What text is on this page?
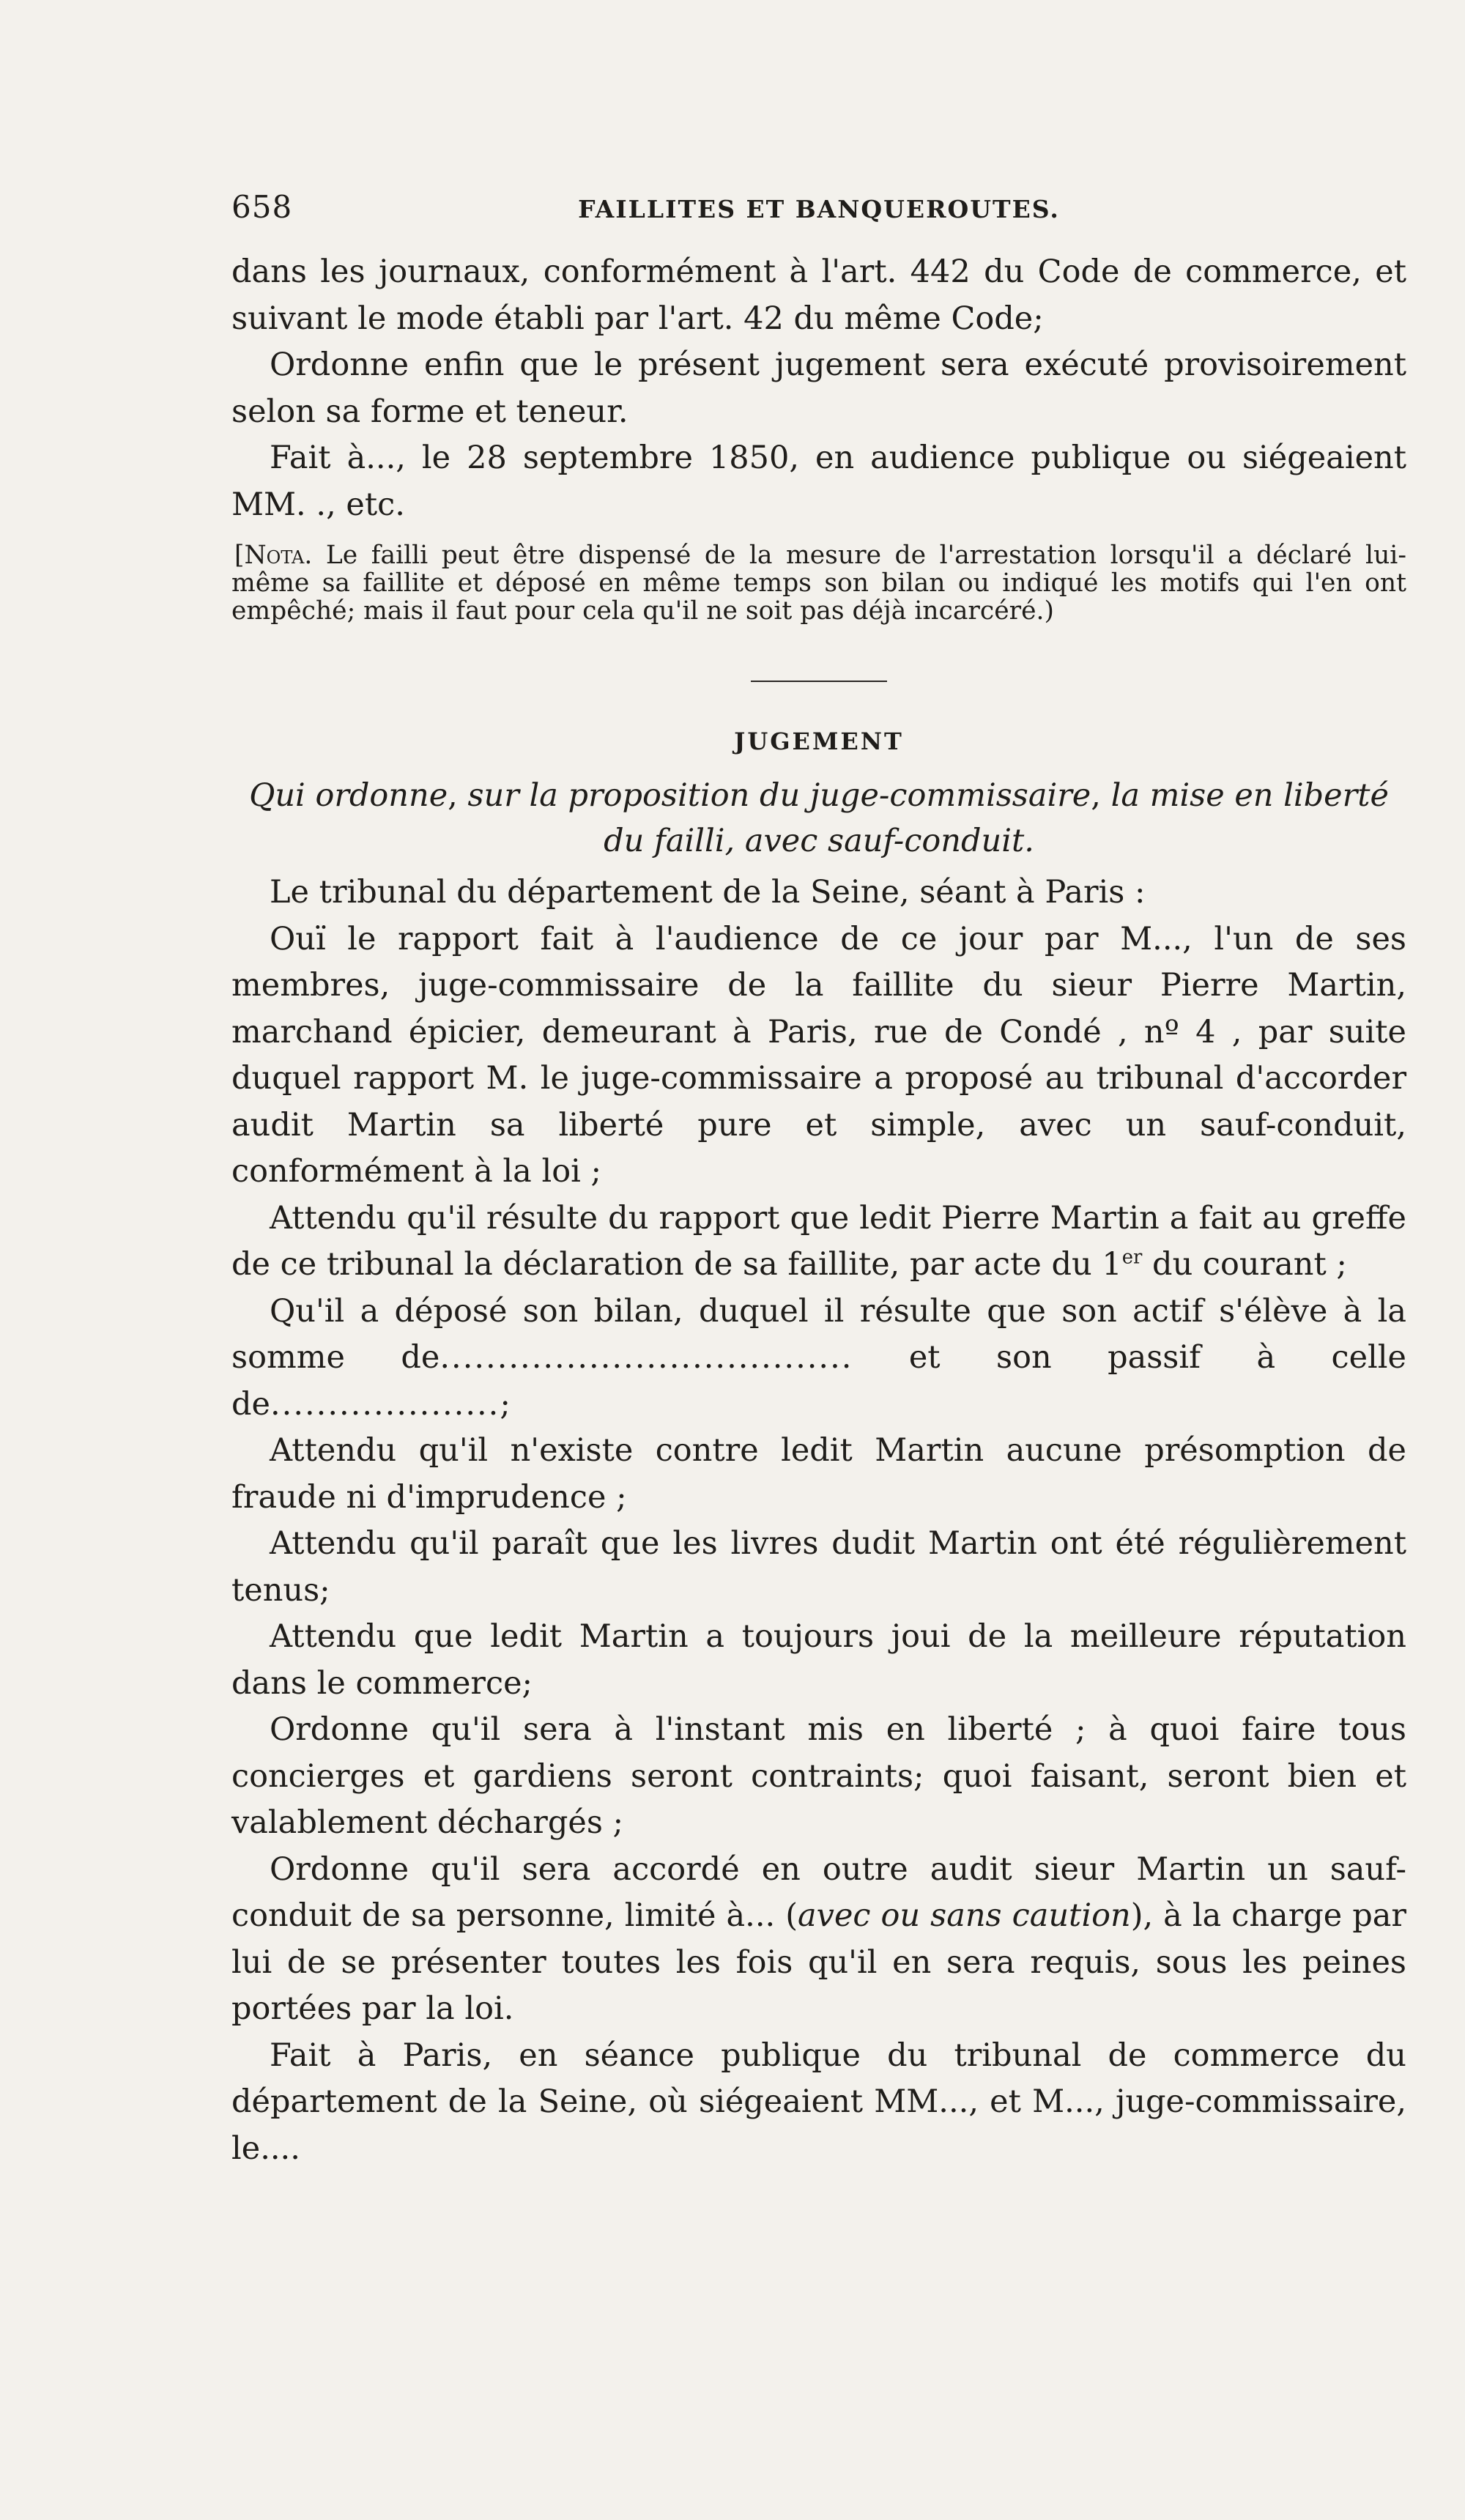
658	FAILLITES ET BANQUEROUTES.

dans les journaux, conformément à l'art. 442 du Code de commerce, et suivant le mode établi par l'art. 42 du même Code;

Ordonne enfin que le présent jugement sera exécuté provisoirement selon sa forme et teneur.

Fait à..., le 28 septembre 1850, en audience publique ou siégeaient MM. ., etc.

[Nota. Le failli peut être dispensé de la mesure de l'arrestation lorsqu'il a déclaré lui-même sa faillite et déposé en même temps son bilan ou indiqué les motifs qui l'en ont empêché; mais il faut pour cela qu'il ne soit pas déjà incarcéré.)
JUGEMENT
Qui ordonne, sur la proposition du juge-commissaire, la mise en liberté du failli, avec sauf-conduit.

Le tribunal du département de la Seine, séant à Paris :

Ouï le rapport fait à l'audience de ce jour par M..., l'un de ses membres, juge-commissaire de la faillite du sieur Pierre Martin, marchand épicier, demeurant à Paris, rue de Condé , nº 4 , par suite duquel rapport M. le juge-commissaire a proposé au tribunal d'accorder audit Martin sa liberté pure et simple, avec un sauf-conduit, conformément à la loi ;

Attendu qu'il résulte du rapport que ledit Pierre Martin a fait au greffe de ce tribunal la déclaration de sa faillite, par acte du 1er du courant ;

Qu'il a déposé son bilan, duquel il résulte que son actif s'élève à la somme de.................................... et son passif à celle de....................;

Attendu qu'il n'existe contre ledit Martin aucune présomption de fraude ni d'imprudence ;

Attendu qu'il paraît que les livres dudit Martin ont été régulièrement tenus;

Attendu que ledit Martin a toujours joui de la meilleure réputation dans le commerce;

Ordonne qu'il sera à l'instant mis en liberté ; à quoi faire tous concierges et gardiens seront contraints; quoi faisant, seront bien et valablement déchargés ;

Ordonne qu'il sera accordé en outre audit sieur Martin un sauf-conduit de sa personne, limité à... (avec ou sans caution), à la charge par lui de se présenter toutes les fois qu'il en sera requis, sous les peines portées par la loi.

Fait à Paris, en séance publique du tribunal de commerce du département de la Seine, où siégeaient MM..., et M..., juge-commissaire, le....
